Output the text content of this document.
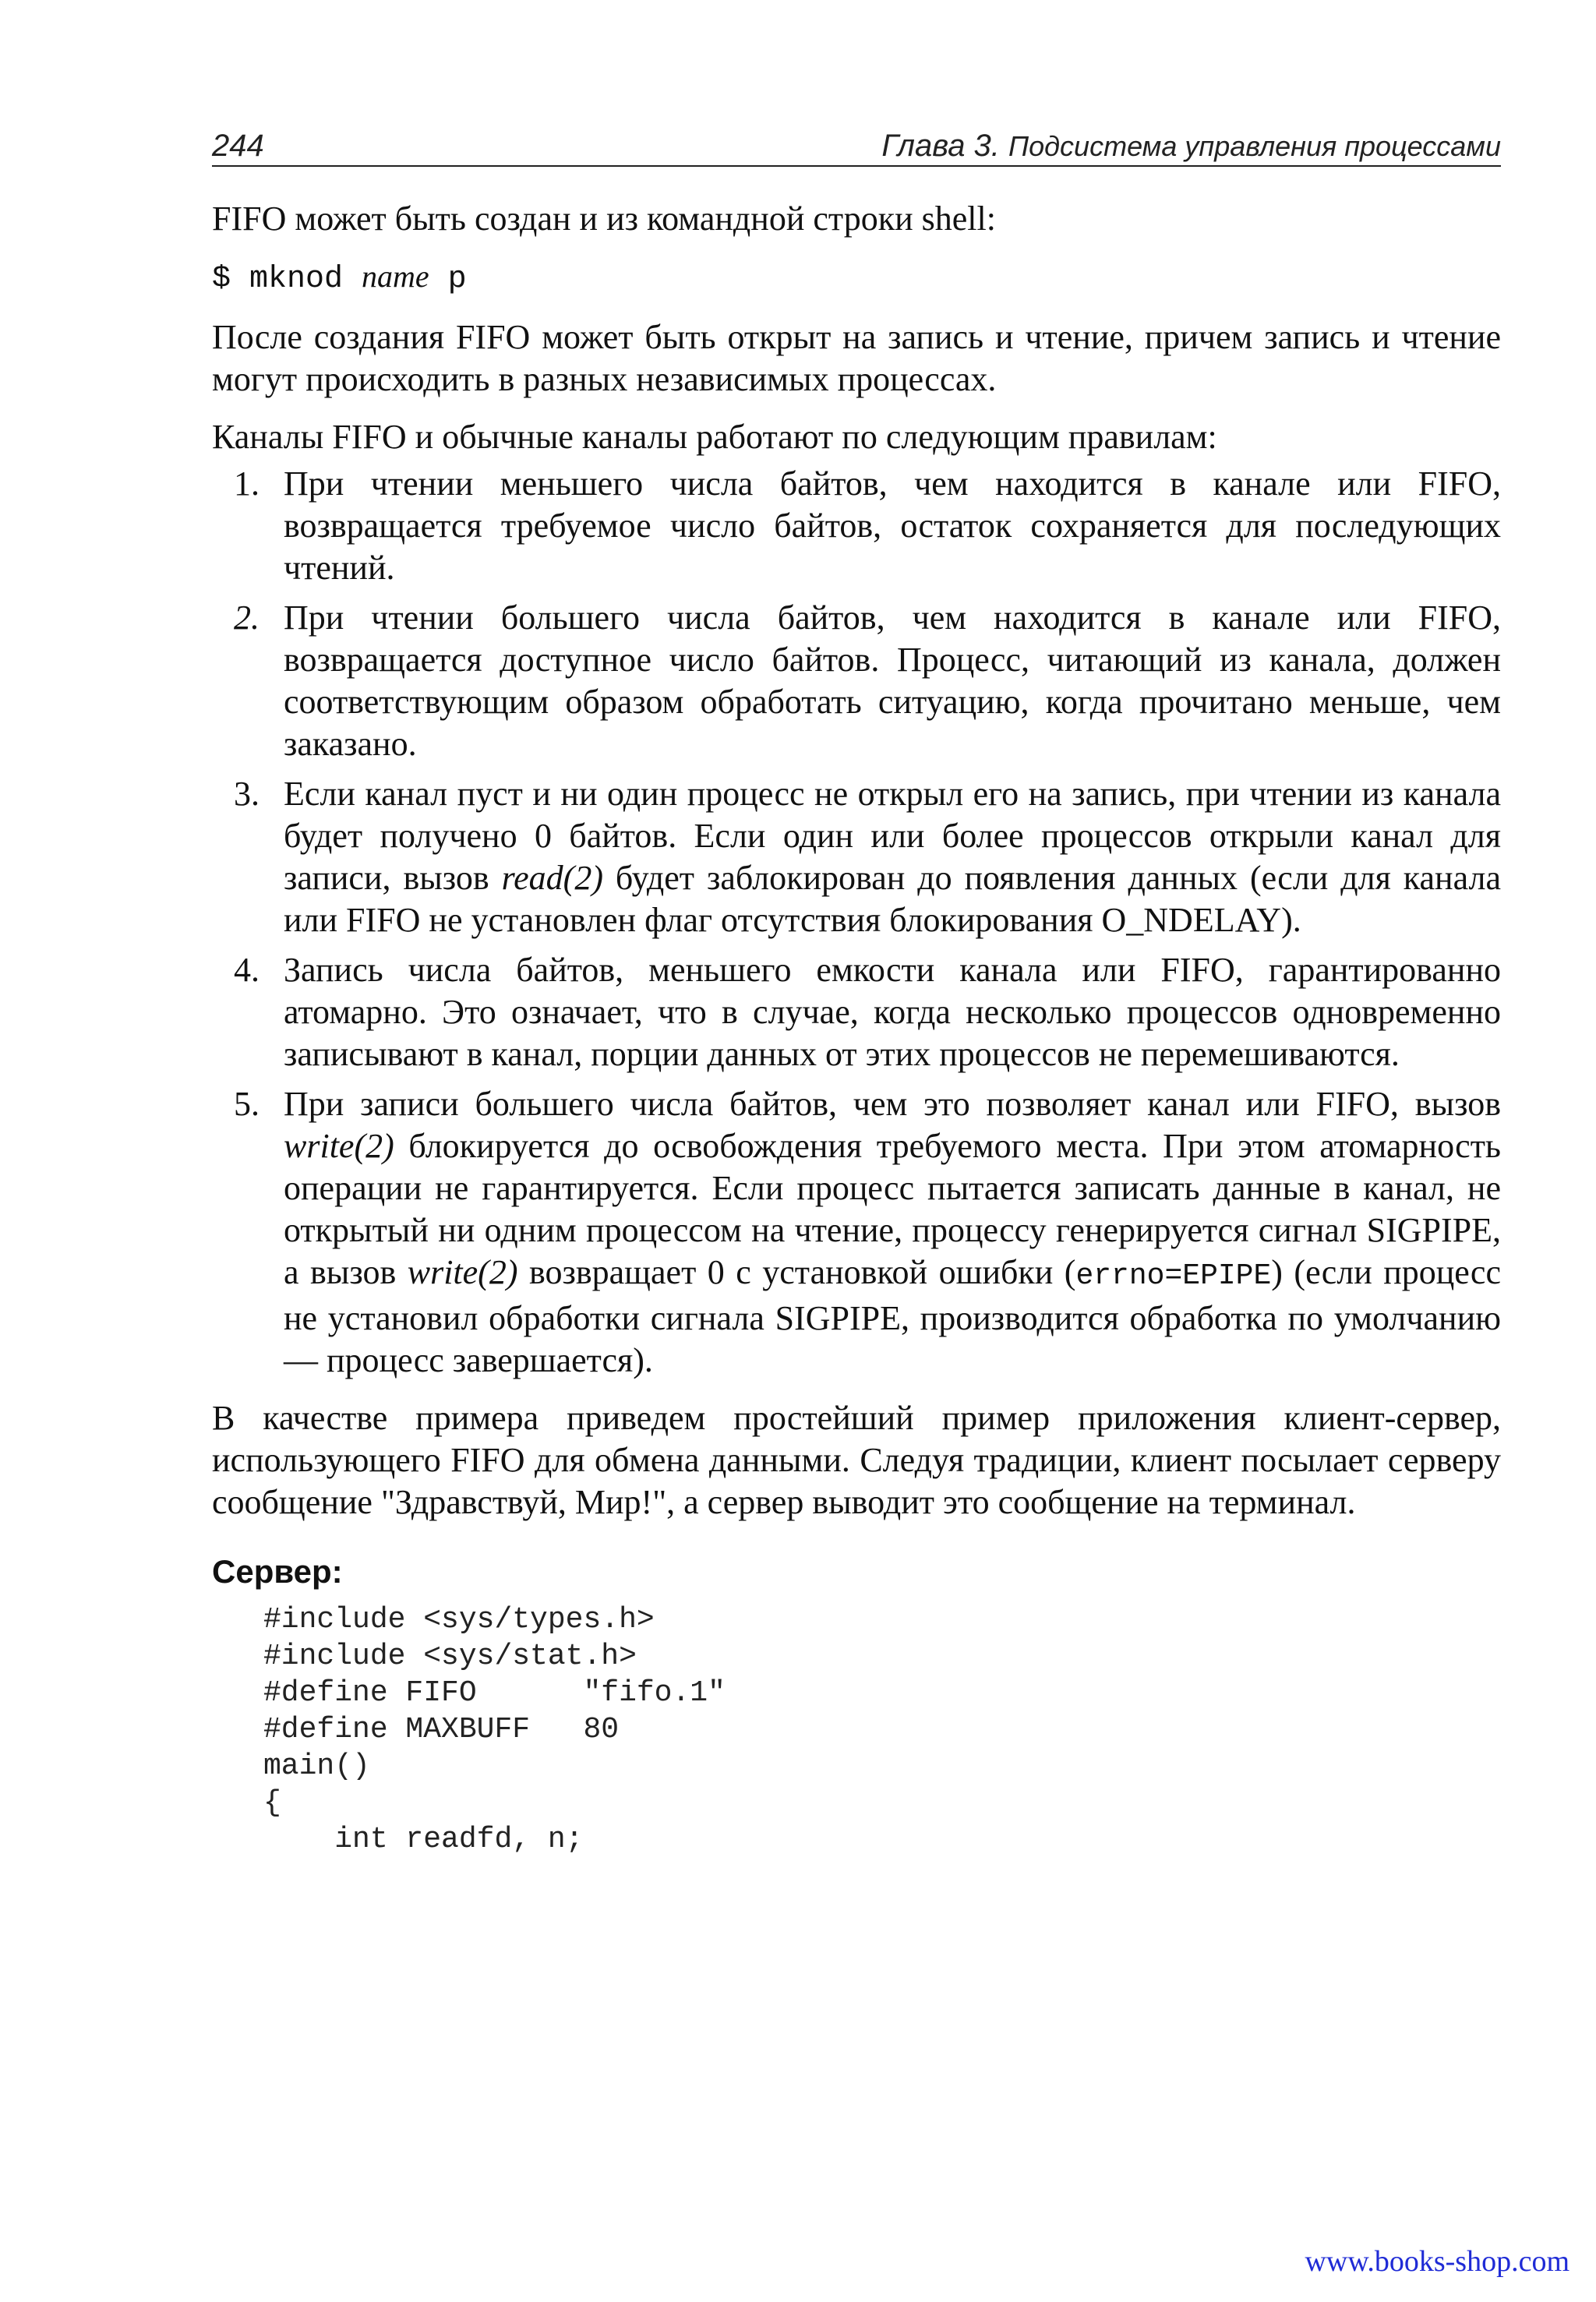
244	Глава 3. Подсистема управления процессами

FIFO может быть создан и из командной строки shell:

$ mknod name p

После создания FIFO может быть открыт на запись и чтение, причем запись и чтение могут происходить в разных независимых процессах.

Каналы FIFO и обычные каналы работают по следующим правилам:

1. При чтении меньшего числа байтов, чем находится в канале или FIFO, возвращается требуемое число байтов, остаток сохраняется для последующих чтений.
2. При чтении большего числа байтов, чем находится в канале или FIFO, возвращается доступное число байтов. Процесс, читающий из канала, должен соответствующим образом обработать ситуацию, когда прочитано меньше, чем заказано.
3. Если канал пуст и ни один процесс не открыл его на запись, при чтении из канала будет получено 0 байтов. Если один или более процессов открыли канал для записи, вызов read(2) будет заблокирован до появления данных (если для канала или FIFO не установлен флаг отсутствия блокирования O_NDELAY).
4. Запись числа байтов, меньшего емкости канала или FIFO, гарантированно атомарно. Это означает, что в случае, когда несколько процессов одновременно записывают в канал, порции данных от этих процессов не перемешиваются.
5. При записи большего числа байтов, чем это позволяет канал или FIFO, вызов write(2) блокируется до освобождения требуемого места. При этом атомарность операции не гарантируется. Если процесс пытается записать данные в канал, не открытый ни одним процессом на чтение, процессу генерируется сигнал SIGPIPE, а вызов write(2) возвращает 0 с установкой ошибки (errno=EPIPE) (если процесс не установил обработки сигнала SIGPIPE, производится обработка по умолчанию — процесс завершается).

В качестве примера приведем простейший пример приложения клиент-сервер, использующего FIFO для обмена данными. Следуя традиции, клиент посылает серверу сообщение "Здравствуй, Мир!", а сервер выводит это сообщение на терминал.

Сервер:
#include <sys/types.h>
#include <sys/stat.h>
#define FIFO      "fifo.1"
#define MAXBUFF   80
main()
{
int readfd, n;
www.books-shop.com
